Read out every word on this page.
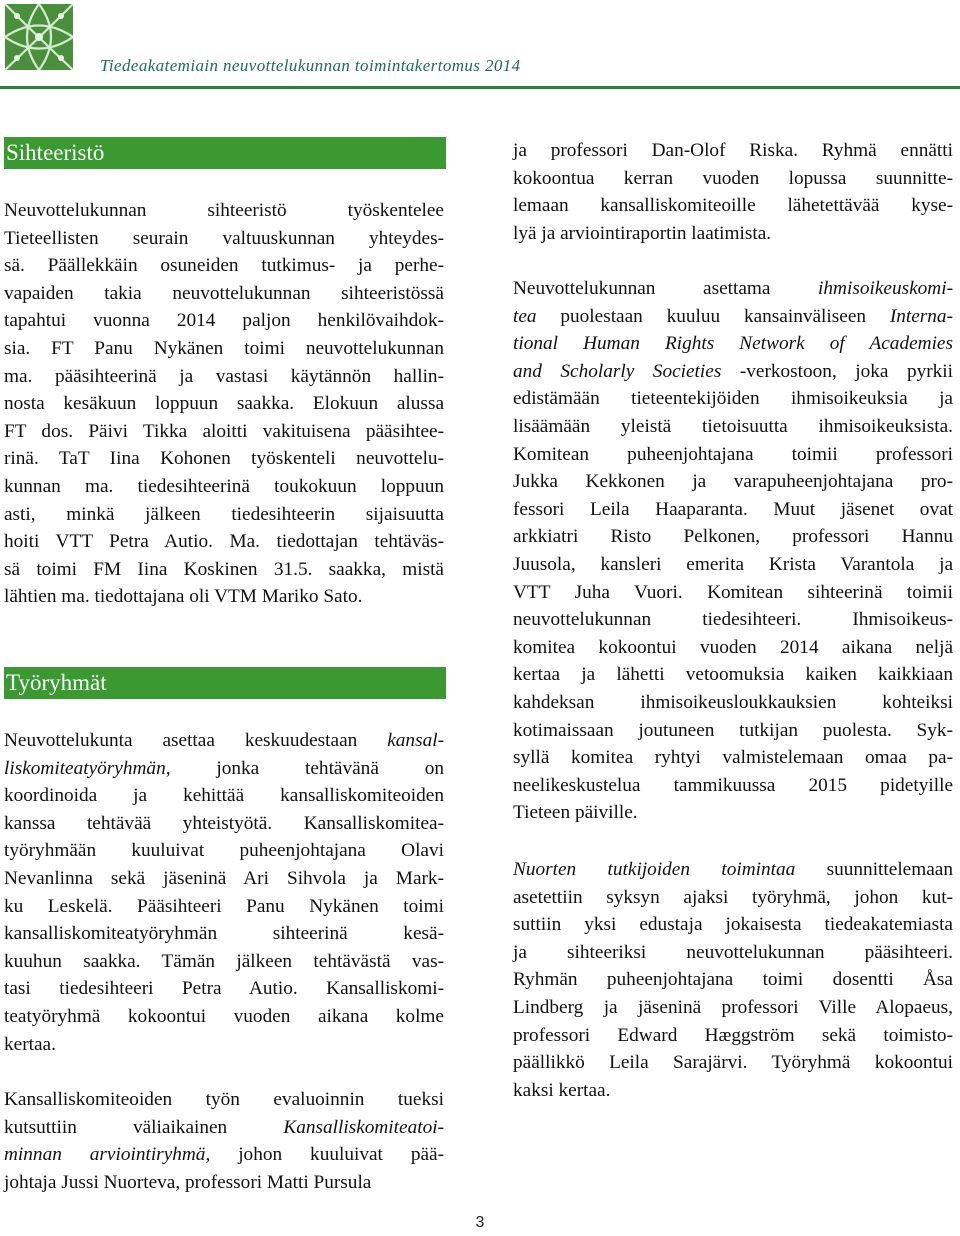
Tiedeakatemiain neuvottelukunnan toimintakertomus 2014
Sihteeristö
Neuvottelukunnan sihteeristö työskentelee
Tieteellisten seurain valtuuskunnan yhteydes-
sä. Päällekkäin osuneiden tutkimus- ja perhe-
vapaiden takia neuvottelukunnan sihteeristössä
tapahtui vuonna 2014 paljon henkilövaihdok-
sia. FT Panu Nykänen toimi neuvottelukunnan
ma. pääsihteerinä ja vastasi käytännön hallin-
nosta kesäkuun loppuun saakka. Elokuun alussa
FT dos. Päivi Tikka aloitti vakituisena pääsihtee-
rinä. TaT Iina Kohonen työskenteli neuvottelu-
kunnan ma. tiedesihteerinä toukokuun loppuun
asti, minkä jälkeen tiedesihteerin sijaisuutta
hoiti VTT Petra Autio. Ma. tiedottajan tehtäväs-
sä toimi FM Iina Koskinen 31.5. saakka, mistä
lähtien ma. tiedottajana oli VTM Mariko Sato.
Työryhmät
Neuvottelukunta asettaa keskuudestaan kansal-
liskomiteatyöryhmän, jonka tehtävänä on
koordinoida ja kehittää kansalliskomiteoiden
kanssa tehtävää yhteistyötä. Kansalliskomitea-
työryhmään kuuluivat puheenjohtajana Olavi
Nevanlinna sekä jäseninä Ari Sihvola ja Mark-
ku Leskelä. Pääsihteeri Panu Nykänen toimi
kansalliskomiteatyöryhmän sihteerinä kesä-
kuuhun saakka. Tämän jälkeen tehtävästä vas-
tasi tiedesihteeri Petra Autio. Kansalliskomi-
teatyöryhmä kokoontui vuoden aikana kolme
kertaa.
Kansalliskomiteoiden työn evaluoinnin tueksi
kutsuttiin väliaikainen Kansalliskomiteatoi-
minnan arviointiryhmä, johon kuuluivat pää-
johtaja Jussi Nuorteva, professori Matti Pursula
ja professori Dan-Olof Riska. Ryhmä ennätti
kokoontua kerran vuoden lopussa suunnitte-
lemaan kansalliskomiteoille lähetettävää kyse-
lyä ja arviointiraportin laatimista.
Neuvottelukunnan asettama ihmisoikeuskomi-
tea puolestaan kuuluu kansainväliseen Interna-
tional Human Rights Network of Academies
and Scholarly Societies -verkostoon, joka pyrkii
edistämään tieteentekijöiden ihmisoikeuksia ja
lisäämään yleistä tietoisuutta ihmisoikeuksista.
Komitean puheenjohtajana toimii professori
Jukka Kekkonen ja varapuheenjohtajana pro-
fessori Leila Haaparanta. Muut jäsenet ovat
arkkiatri Risto Pelkonen, professori Hannu
Juusola, kansleri emerita Krista Varantola ja
VTT Juha Vuori. Komitean sihteerinä toimii
neuvottelukunnan tiedesihteeri. Ihmisoikeus-
komitea kokoontui vuoden 2014 aikana neljä
kertaa ja lähetti vetoomuksia kaiken kaikkiaan
kahdeksan ihmisoikeusloukkauksien kohteiksi
kotimaissaan joutuneen tutkijan puolesta. Syk-
syllä komitea ryhtyi valmistelemaan omaa pa-
neelikeskustelua tammikuussa 2015 pidetyille
Tieteen päiville.
Nuorten tutkijoiden toimintaa suunnittelemaan
asetettiin syksyn ajaksi työryhmä, johon kut-
suttiin yksi edustaja jokaisesta tiedeakatemiasta
ja sihteeriksi neuvottelukunnan pääsihteeri.
Ryhmän puheenjohtajana toimi dosentti Åsa
Lindberg ja jäseninä professori Ville Alopaeus,
professori Edward Hæggström sekä toimisto-
päällikkö Leila Sarajärvi. Työryhmä kokoontui
kaksi kertaa.
3
